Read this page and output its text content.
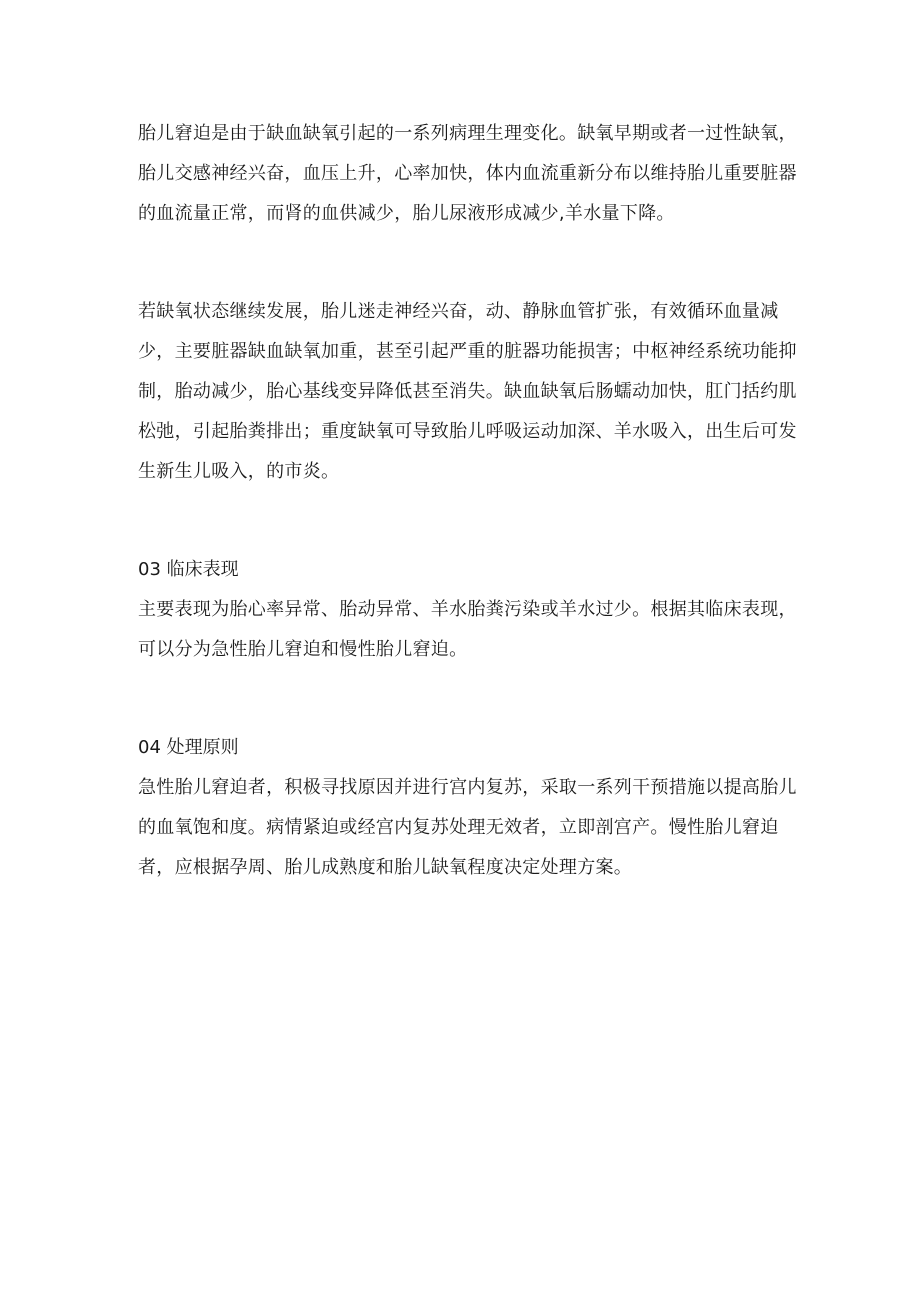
胎儿窘迫是由于缺血缺氧引起的一系列病理生理变化。缺氧早期或者一过性缺氧，胎儿交感神经兴奋，血压上升，心率加快，体内血流重新分布以维持胎儿重要脏器的血流量正常，而肾的血供减少，胎儿尿液形成减少,羊水量下降。

若缺氧状态继续发展，胎儿迷走神经兴奋，动、静脉血管扩张，有效循环血量减少，主要脏器缺血缺氧加重，甚至引起严重的脏器功能损害；中枢神经系统功能抑制，胎动减少，胎心基线变异降低甚至消失。缺血缺氧后肠蠕动加快，肛门括约肌松弛，引起胎粪排出；重度缺氧可导致胎儿呼吸运动加深、羊水吸入，出生后可发生新生儿吸入，的市炎。

03 临床表现

主要表现为胎心率异常、胎动异常、羊水胎粪污染或羊水过少。根据其临床表现，可以分为急性胎儿窘迫和慢性胎儿窘迫。

04 处理原则

急性胎儿窘迫者，积极寻找原因并进行宫内复苏，采取一系列干预措施以提高胎儿的血氧饱和度。病情紧迫或经宫内复苏处理无效者，立即剖宫产。慢性胎儿窘迫者，应根据孕周、胎儿成熟度和胎儿缺氧程度决定处理方案。
